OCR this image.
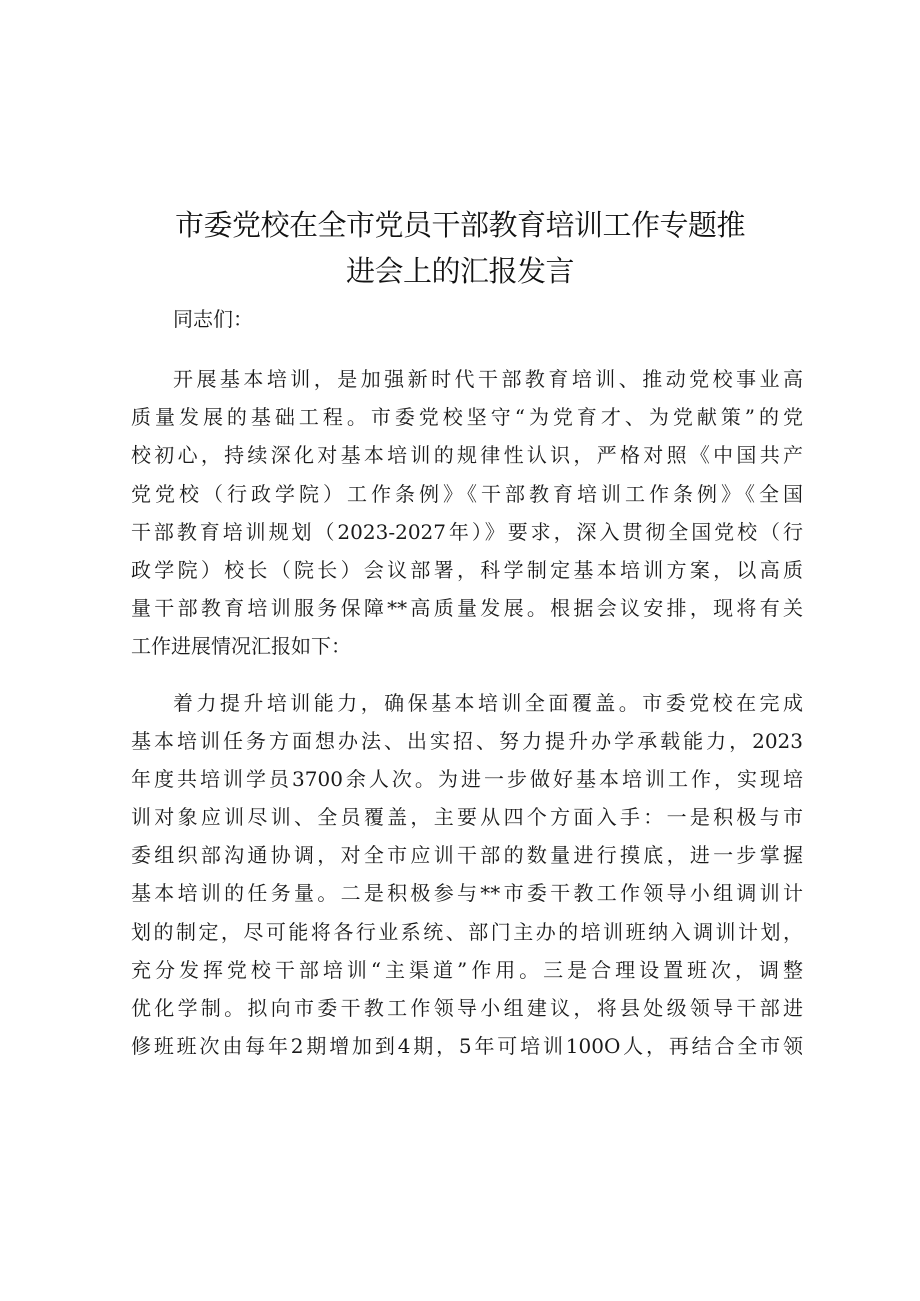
市委党校在全市党员干部教育培训工作专题推
进会上的汇报发言
同志们：
开展基本培训，是加强新时代干部教育培训、推动党校事业高
质量发展的基础工程。市委党校坚守“为党育才、为党献策”的党
校初心，持续深化对基本培训的规律性认识，严格对照《中国共产
党党校（行政学院）工作条例》《干部教育培训工作条例》《全国
干部教育培训规划（2023-2027年）》要求，深入贯彻全国党校（行
政学院）校长（院长）会议部署，科学制定基本培训方案，以高质
量干部教育培训服务保障**高质量发展。根据会议安排，现将有关
工作进展情况汇报如下：
着力提升培训能力，确保基本培训全面覆盖。市委党校在完成
基本培训任务方面想办法、出实招、努力提升办学承载能力，2023
年度共培训学员3700余人次。为进一步做好基本培训工作，实现培
训对象应训尽训、全员覆盖，主要从四个方面入手：一是积极与市
委组织部沟通协调，对全市应训干部的数量进行摸底，进一步掌握
基本培训的任务量。二是积极参与**市委干教工作领导小组调训计
划的制定，尽可能将各行业系统、部门主办的培训班纳入调训计划，
充分发挥党校干部培训“主渠道”作用。三是合理设置班次，调整
优化学制。拟向市委干教工作领导小组建议，将县处级领导干部进
修班班次由每年2期增加到4期，5年可培训100O人，再结合全市领
